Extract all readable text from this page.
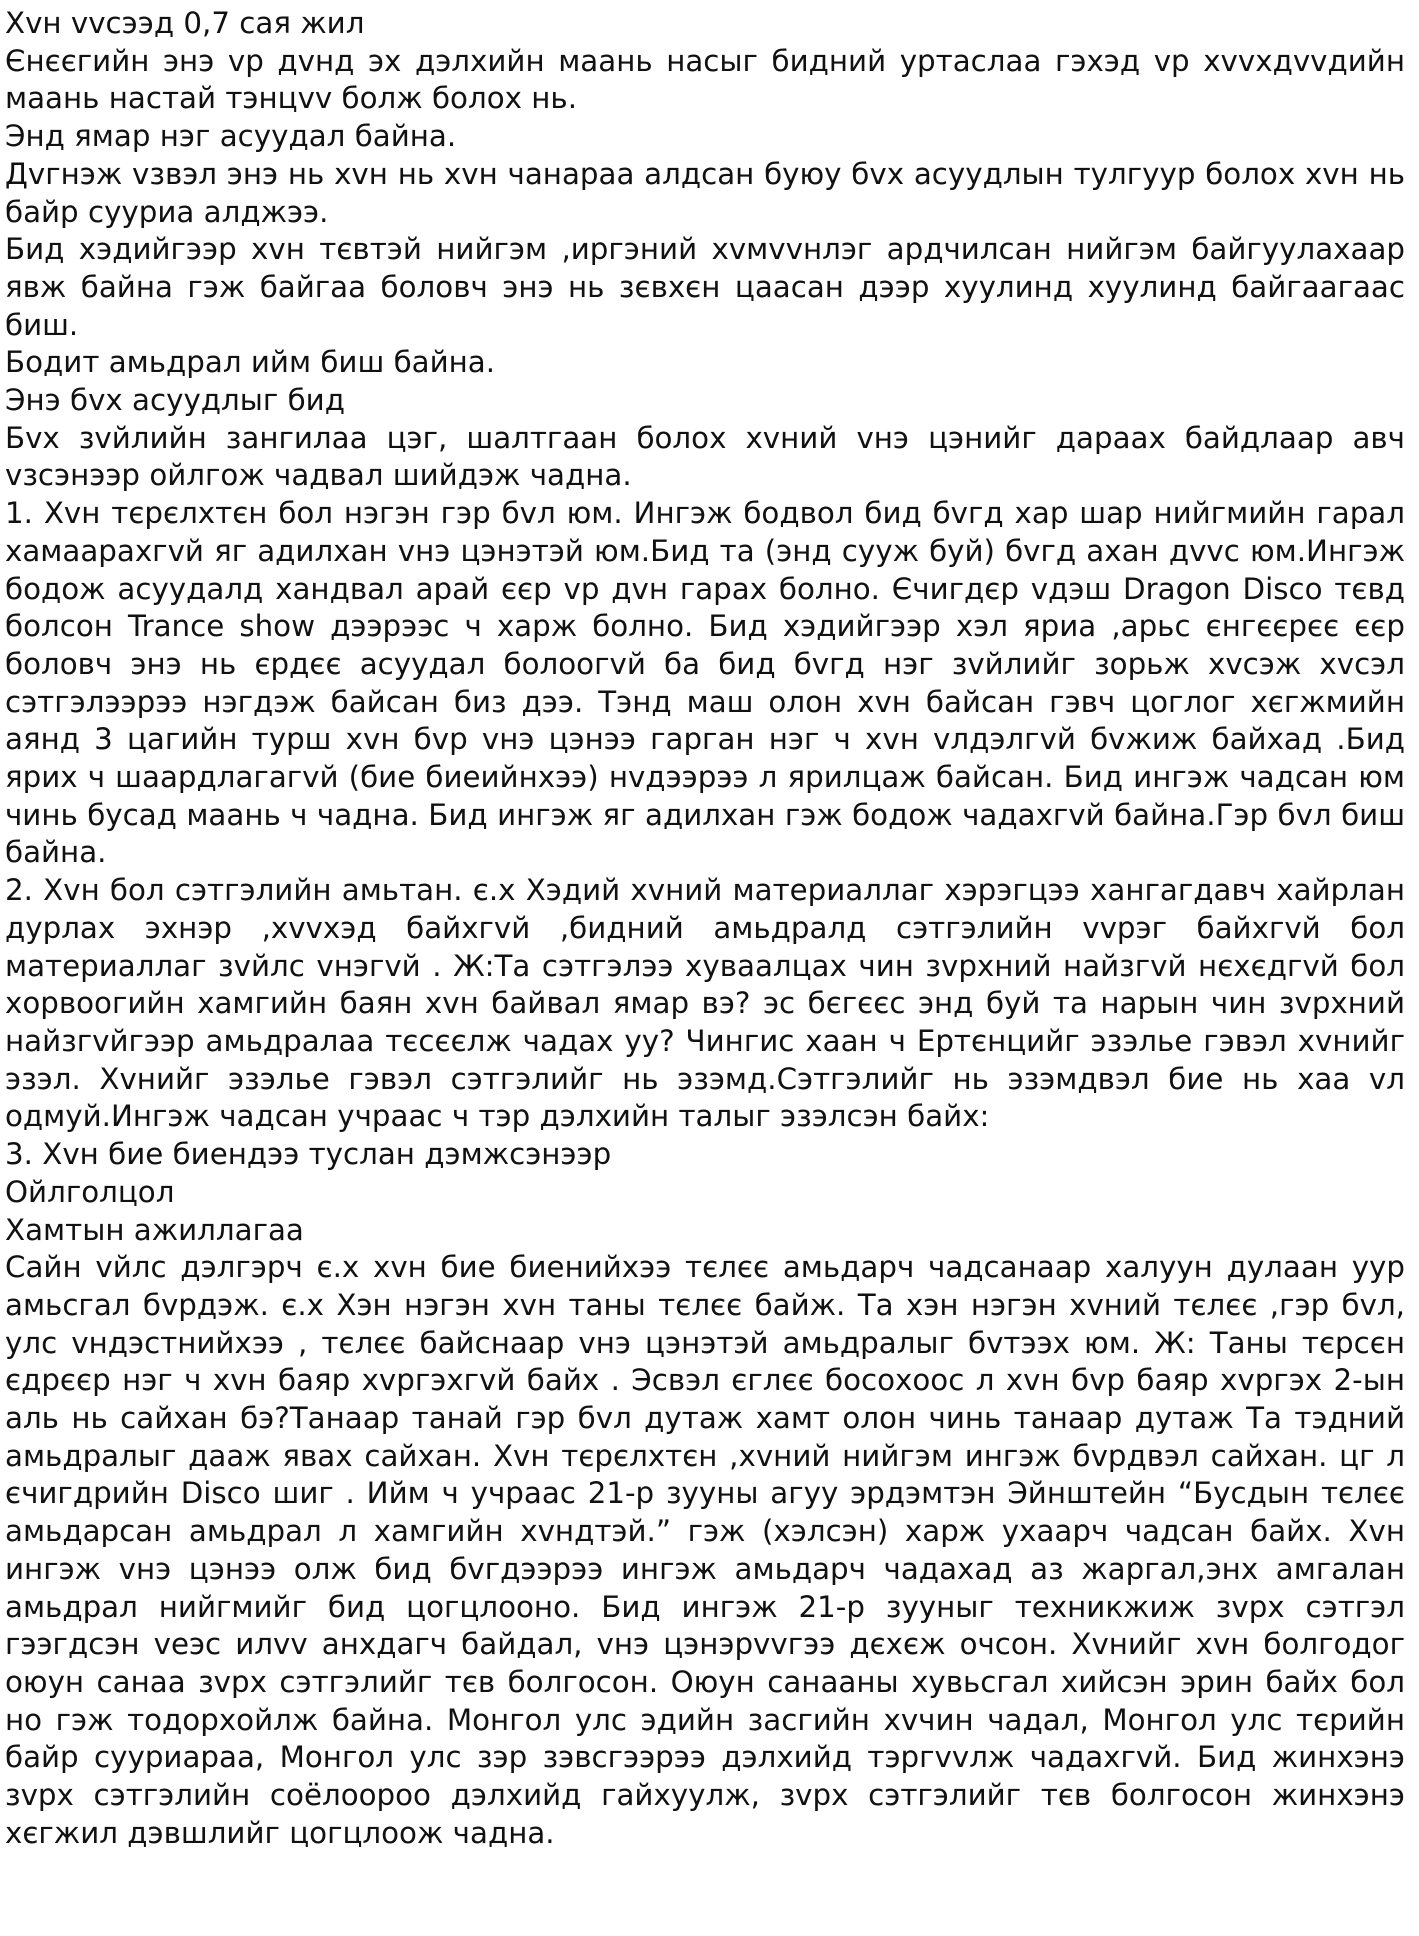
Хvн vvсээд 0,7 сая жил

Єнєєгийн энэ vр дvнд эх дэлхийн маань насыг бидний уртаслаа гэхэд vр хvvхдvvдийн маань настай тэнцvv болж болох нь.

Энд ямар нэг асуудал байна.

Дvгнэж vзвэл энэ нь хvн нь хvн чанараа алдсан буюу бvх асуудлын тулгуур болох хvн нь байр сууриа алджээ.

Бид хэдийгээр хvн тєвтэй нийгэм ,иргэний хvмvvнлэг ардчилсан нийгэм байгуулахаар явж байна гэж байгаа боловч энэ нь зєвхєн цаасан дээр хуулинд хуулинд байгаагаас биш.

Бодит амьдрал ийм биш байна.

Энэ бvх асуудлыг бид

Бvх зvйлийн зангилаа цэг, шалтгаан болох хvний vнэ цэнийг дараах байдлаар авч vзсэнээр ойлгож чадвал шийдэж чадна.

1. Хvн тєрєлхтєн бол нэгэн гэр бvл юм. Ингэж бодвол бид бvгд хар шар нийгмийн гарал хамаарахгvй яг адилхан vнэ цэнэтэй юм.Бид та (энд сууж буй) бvгд ахан дvvс юм.Ингэж бодож асуудалд хандвал арай єєр vр дvн гарах болно. Єчигдєр vдэш Dragon Disco тєвд болсон Trance show дээрээс ч харж болно. Бид хэдийгээр хэл яриа ,арьс єнгєєрєє єєр боловч энэ нь єрдєє асуудал болоогvй ба бид бvгд нэг зvйлийг зорьж хvсэж хvсэл сэтгэлээрээ нэгдэж байсан биз дээ. Тэнд маш олон хvн байсан гэвч цоглог хєгжмийн аянд 3 цагийн турш хvн бvр vнэ цэнээ гарган нэг ч хvн vлдэлгvй бvжиж байхад .Бид ярих ч шаардлагагvй (бие биеийнхээ) нvдээрээ л ярилцаж байсан. Бид ингэж чадсан юм чинь бусад маань ч чадна. Бид ингэж яг адилхан гэж бодож чадахгvй байна.Гэр бvл биш байна.

2. Хvн бол сэтгэлийн амьтан. є.х Хэдий хvний материаллаг хэрэгцээ хангагдавч хайрлан дурлах эхнэр ,хvvхэд байхгvй ,бидний амьдралд сэтгэлийн vvрэг байхгvй бол материаллаг зvйлс vнэгvй . Ж:Та сэтгэлээ хуваалцах чин зvрхний найзгvй нєхєдгvй бол хорвоогийн хамгийн баян хvн байвал ямар вэ? эс бєгєєс энд буй та нарын чин зvрхний найзгvйгээр амьдралаа тєсєєлж чадах уу? Чингис хаан ч Ертєнцийг эзэлье гэвэл хvнийг эзэл. Хvнийг эзэлье гэвэл сэтгэлийг нь эзэмд.Сэтгэлийг нь эзэмдвэл бие нь хаа vл одмуй.Ингэж чадсан учраас ч тэр дэлхийн талыг эзэлсэн байх:

3. Хvн бие биендээ туслан дэмжсэнээр

Ойлголцол

Хамтын ажиллагаа

Сайн vйлс дэлгэрч є.х хvн бие биенийхээ тєлєє амьдарч чадсанаар халуун дулаан уур амьсгал бvрдэж. є.х Хэн нэгэн хvн таны тєлєє байж. Та хэн нэгэн хvний тєлєє ,гэр бvл, улс vндэстнийхээ , тєлєє байснаар vнэ цэнэтэй амьдралыг бvтээх юм. Ж: Таны тєрсєн єдрєєр нэг ч хvн баяр хvргэхгvй байх . Эсвэл єглєє босохоос л хvн бvр баяр хvргэх 2-ын аль нь сайхан бэ?Танаар танай гэр бvл дутаж хамт олон чинь танаар дутаж Та тэдний амьдралыг дааж явах сайхан. Хvн тєрєлхтєн ,хvний нийгэм ингэж бvрдвэл сайхан. цг л єчигдрийн Disco шиг . Ийм ч учраас 21-р зууны агуу эрдэмтэн Эйнштейн “Бусдын тєлєє амьдарсан амьдрал л хамгийн хvндтэй.” гэж (хэлсэн) харж ухаарч чадсан байх. Хvн ингэж vнэ цэнээ олж бид бvгдээрээ ингэж амьдарч чадахад аз жаргал,энх амгалан амьдрал нийгмийг бид цогцлооно. Бид ингэж 21-р зууныг техникжиж зvрх сэтгэл гээгдсэн vеэс илvv анхдагч байдал, vнэ цэнэрvvгээ дєхєж очсон. Хvнийг хvн болгодог оюун санаа зvрх сэтгэлийг тєв болгосон. Оюун санааны хувьсгал хийсэн эрин байх бол но гэж тодорхойлж байна. Монгол улс эдийн засгийн хvчин чадал, Монгол улс тєрийн байр сууриараа, Монгол улс зэр зэвсгээрээ дэлхийд тэргvvлж чадахгvй. Бид жинхэнэ зvрх сэтгэлийн соёлоороо дэлхийд гайхуулж, зvрх сэтгэлийг тєв болгосон жинхэнэ хєгжил дэвшлийг цогцлоож чадна.
